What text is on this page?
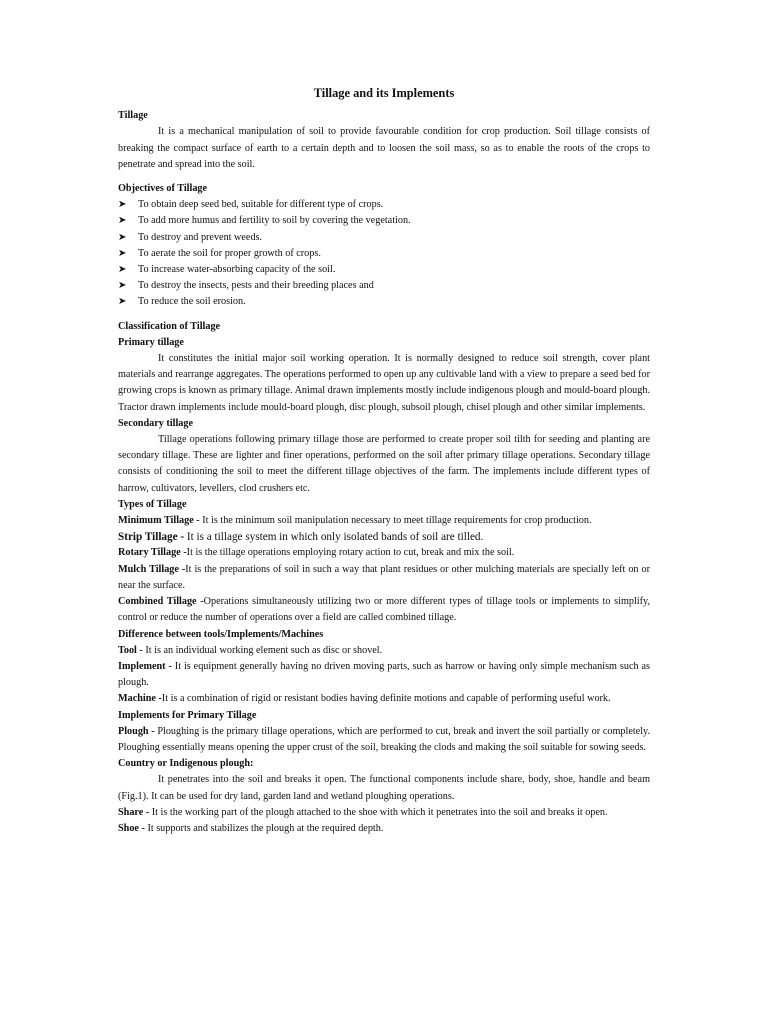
Tillage and its Implements
Tillage

It is a mechanical manipulation of soil to provide favourable condition for crop production. Soil tillage consists of breaking the compact surface of earth to a certain depth and to loosen the soil mass, so as to enable the roots of the crops to penetrate and spread into the soil.

Objectives of Tillage
➤ To obtain deep seed bed, suitable for different type of crops.
➤ To add more humus and fertility to soil by covering the vegetation.
➤ To destroy and prevent weeds.
➤ To aerate the soil for proper growth of crops.
➤ To increase water-absorbing capacity of the soil.
➤ To destroy the insects, pests and their breeding places and
➤ To reduce the soil erosion.
Classification of Tillage
Primary tillage

It constitutes the initial major soil working operation. It is normally designed to reduce soil strength, cover plant materials and rearrange aggregates. The operations performed to open up any cultivable land with a view to prepare a seed bed for growing crops is known as primary tillage. Animal drawn implements mostly include indigenous plough and mould-board plough. Tractor drawn implements include mould-board plough, disc plough, subsoil plough, chisel plough and other similar implements.

Secondary tillage

Tillage operations following primary tillage those are performed to create proper soil tilth for seeding and planting are secondary tillage. These are lighter and finer operations, performed on the soil after primary tillage operations. Secondary tillage consists of conditioning the soil to meet the different tillage objectives of the farm. The implements include different types of harrow, cultivators, levellers, clod crushers etc.

Types of Tillage

Minimum Tillage - It is the minimum soil manipulation necessary to meet tillage requirements for crop production.

Strip Tillage - It is a tillage system in which only isolated bands of soil are tilled.

Rotary Tillage -It is the tillage operations employing rotary action to cut, break and mix the soil.

Mulch Tillage -It is the preparations of soil in such a way that plant residues or other mulching materials are specially left on or near the surface.

Combined Tillage -Operations simultaneously utilizing two or more different types of tillage tools or implements to simplify, control or reduce the number of operations over a field are called combined tillage.

Difference between tools/Implements/Machines

Tool - It is an individual working element such as disc or shovel.

Implement - It is equipment generally having no driven moving parts, such as harrow or having only simple mechanism such as plough.

Machine -It is a combination of rigid or resistant bodies having definite motions and capable of performing useful work.

Implements for Primary Tillage

Plough - Ploughing is the primary tillage operations, which are performed to cut, break and invert the soil partially or completely. Ploughing essentially means opening the upper crust of the soil, breaking the clods and making the soil suitable for sowing seeds.

Country or Indigenous plough:

It penetrates into the soil and breaks it open. The functional components include share, body, shoe, handle and beam (Fig.1). It can be used for dry land, garden land and wetland ploughing operations.

Share - It is the working part of the plough attached to the shoe with which it penetrates into the soil and breaks it open.

Shoe - It supports and stabilizes the plough at the required depth.
